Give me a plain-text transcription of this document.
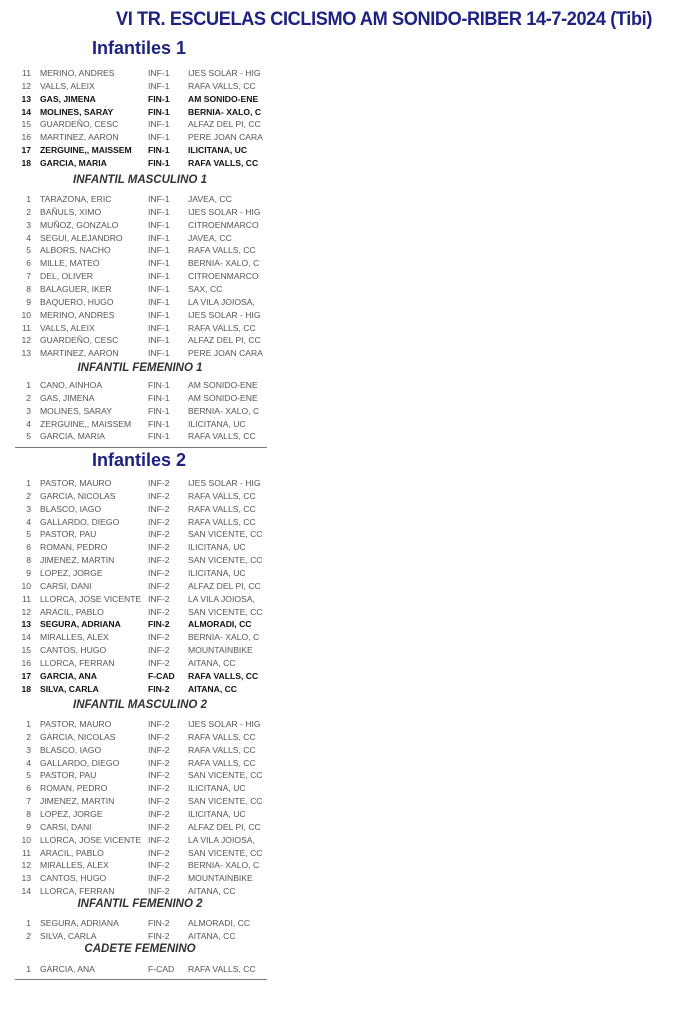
VI TR. ESCUELAS CICLISMO AM SONIDO-RIBER 14-7-2024 (Tibi)
Infantiles 1
11 MERINO, ANDRES	INF-1 IJES SOLAR - HIG
12 VALLS, ALEIX	INF-1 RAFA VALLS, CC
13 GAS, JIMENA	FIN-1 AM SONIDO-ENE
14 MOLINES, SARAY	FIN-1 BERNIA- XALO, C
15 GUARDEÑO, CESC	INF-1 ALFAZ DEL PI, CC
16 MARTINEZ, AARON	INF-1 PERE JOAN CARA
17 ZERGUINE,, MAISSEM FIN-1 ILICITANA, UC
18 GARCIA, MARIA	FIN-1 RAFA VALLS, CC
INFANTIL MASCULINO 1
1 TARAZONA, ERIC	INF-1 JAVEA, CC
2 BAÑULS, XIMO	INF-1 IJES SOLAR - HIG
3 MUÑOZ, GONZALO	INF-1 CITROENMARCO
4 SEGUI, ALEJANDRO	INF-1 JAVEA, CC
5 ALBORS, NACHO	INF-1 RAFA VALLS, CC
6 MILLE, MATEO	INF-1 BERNIA- XALO, C
7 DEL, OLIVER	INF-1 CITROENMARCO
8 BALAGUER, IKER	INF-1 SAX, CC
9 BAQUERO, HUGO	INF-1 LA VILA JOIOSA,
10 MERINO, ANDRES	INF-1 IJES SOLAR - HIG
11 VALLS, ALEIX	INF-1 RAFA VALLS, CC
12 GUARDEÑO, CESC	INF-1 ALFAZ DEL PI, CC
13 MARTINEZ, AARON	INF-1 PERE JOAN CARA
INFANTIL FEMENINO 1
1 CANO, AINHOA	FIN-1 AM SONIDO-ENE
2 GAS, JIMENA	FIN-1 AM SONIDO-ENE
3 MOLINES, SARAY	FIN-1 BERNIA- XALO, C
4 ZERGUINE,, MAISSEM FIN-1 ILICITANA, UC
5 GARCIA, MARIA	FIN-1 RAFA VALLS, CC
Infantiles 2
1 PASTOR, MAURO	INF-2 IJES SOLAR - HIG
2 GARCIA, NICOLAS	INF-2 RAFA VALLS, CC
3 BLASCO, IAGO	INF-2 RAFA VALLS, CC
4 GALLARDO, DIEGO	INF-2 RAFA VALLS, CC
5 PASTOR, PAU	INF-2 SAN VICENTE, CC
6 ROMAN, PEDRO	INF-2 ILICITANA, UC
8 JIMENEZ, MARTIN	INF-2 SAN VICENTE, CC
9 LOPEZ, JORGE	INF-2 ILICITANA, UC
10 CARSI, DANI	INF-2 ALFAZ DEL PI, CC
11 LLORCA, JOSE VICENTE INF-2 LA VILA JOIOSA,
12 ARACIL, PABLO	INF-2 SAN VICENTE, CC
13 SEGURA, ADRIANA	FIN-2 ALMORADI, CC
14 MIRALLES, ALEX	INF-2 BERNIA- XALO, C
15 CANTOS, HUGO	INF-2 MOUNTAINBIKE
16 LLORCA, FERRAN	INF-2 AITANA, CC
17 GARCIA, ANA	F-CAD RAFA VALLS, CC
18 SILVA, CARLA	FIN-2 AITANA, CC
INFANTIL MASCULINO 2
1 PASTOR, MAURO	INF-2 IJES SOLAR - HIG
2 GARCIA, NICOLAS	INF-2 RAFA VALLS, CC
3 BLASCO, IAGO	INF-2 RAFA VALLS, CC
4 GALLARDO, DIEGO	INF-2 RAFA VALLS, CC
5 PASTOR, PAU	INF-2 SAN VICENTE, CC
6 ROMAN, PEDRO	INF-2 ILICITANA, UC
7 JIMENEZ, MARTIN	INF-2 SAN VICENTE, CC
8 LOPEZ, JORGE	INF-2 ILICITANA, UC
9 CARSI, DANI	INF-2 ALFAZ DEL PI, CC
10 LLORCA, JOSE VICENTE INF-2 LA VILA JOIOSA,
11 ARACIL, PABLO	INF-2 SAN VICENTE, CC
12 MIRALLES, ALEX	INF-2 BERNIA- XALO, C
13 CANTOS, HUGO	INF-2 MOUNTAINBIKE
14 LLORCA, FERRAN	INF-2 AITANA, CC
INFANTIL FEMENINO 2
1 SEGURA, ADRIANA	FIN-2 ALMORADI, CC
2 SILVA, CARLA	FIN-2 AITANA, CC
CADETE FEMENINO
1 GARCIA, ANA	F-CAD RAFA VALLS, CC
